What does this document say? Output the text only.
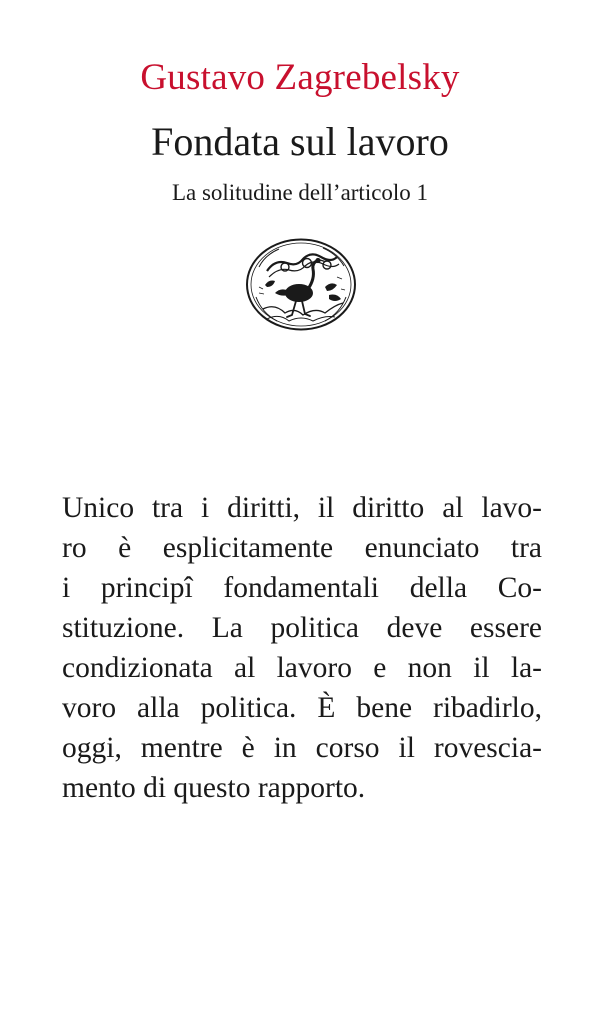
Gustavo Zagrebelsky
Fondata sul lavoro
La solitudine dell’articolo 1
Unico tra i diritti, il diritto al lavo-
ro è esplicitamente enunciato tra
i principî fondamentali della Co-
stituzione. La politica deve essere
condizionata al lavoro e non il la-
voro alla politica. È bene ribadirlo,
oggi, mentre è in corso il rovescia-
mento di questo rapporto.
